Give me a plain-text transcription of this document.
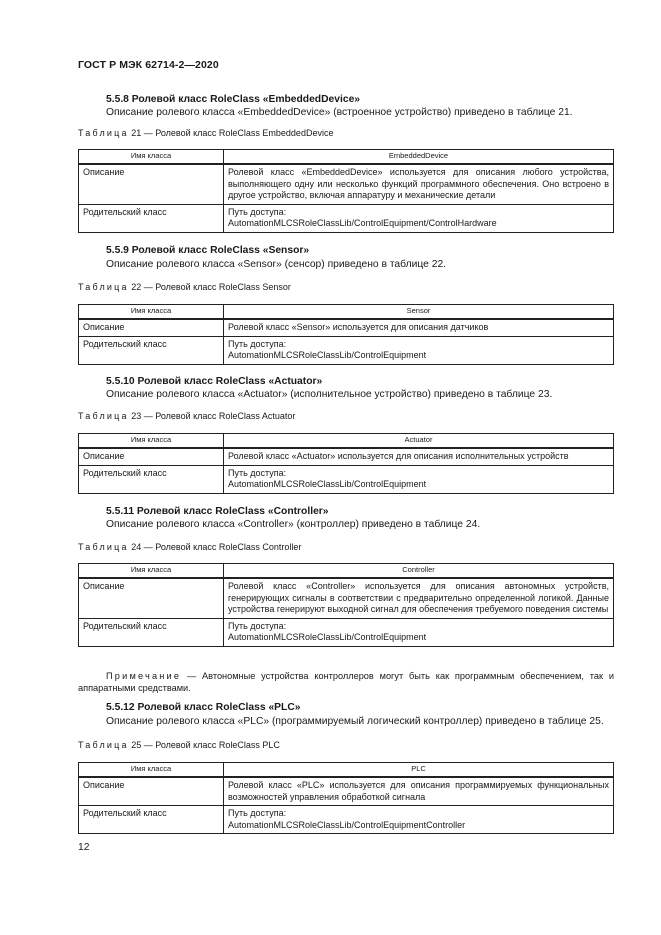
ГОСТ Р МЭК 62714-2—2020
5.5.8 Ролевой класс RoleClass «EmbeddedDevice»
Описание ролевого класса «EmbeddedDevice» (встроенное устройство) приведено в таблице 21.
Таблица 21 — Ролевой класс RoleClass EmbeddedDevice
Имя класса	EmbeddedDevice
Описание	Ролевой класс «EmbeddedDevice» используется для описания любого устройства, выполняющего одну или несколько функций программного обеспечения. Оно встроено в другое устройство, включая аппаратуру и механические детали
Родительский класс	Путь доступа:
AutomationMLCSRoleClassLib/ControlEquipment/ControlHardware
5.5.9 Ролевой класс RoleClass «Sensor»
Описание ролевого класса «Sensor» (сенсор) приведено в таблице 22.
Таблица 22 — Ролевой класс RoleClass Sensor
Имя класса	Sensor
Описание	Ролевой класс «Sensor» используется для описания датчиков
Родительский класс	Путь доступа:
AutomationMLCSRoleClassLib/ControlEquipment
5.5.10 Ролевой класс RoleClass «Actuator»
Описание ролевого класса «Actuator» (исполнительное устройство) приведено в таблице 23.
Таблица 23 — Ролевой класс RoleClass Actuator
Имя класса	Actuator
Описание	Ролевой класс «Actuator» используется для описания исполнительных устройств
Родительский класс	Путь доступа:
AutomationMLCSRoleClassLib/ControlEquipment
5.5.11 Ролевой класс RoleClass «Controller»
Описание ролевого класса «Controller» (контроллер) приведено в таблице 24.
Таблица 24 — Ролевой класс RoleClass Controller
Имя класса	Controller
Описание	Ролевой класс «Controller» используется для описания автономных устройств, генерирующих сигналы в соответствии с предварительно определенной логикой. Данные устройства генерируют выходной сигнал для обеспечения требуемого поведения системы
Родительский класс	Путь доступа:
AutomationMLCSRoleClassLib/ControlEquipment
Примечание — Автономные устройства контроллеров могут быть как программным обеспечением, так и аппаратными средствами.
5.5.12 Ролевой класс RoleClass «PLC»
Описание ролевого класса «PLC» (программируемый логический контроллер) приведено в таблице 25.
Таблица 25 — Ролевой класс RoleClass PLC
Имя класса	PLC
Описание	Ролевой класс «PLC» используется для описания программируемых функциональных возможностей управления обработкой сигнала
Родительский класс	Путь доступа:
AutomationMLCSRoleClassLib/ControlEquipmentController
12
